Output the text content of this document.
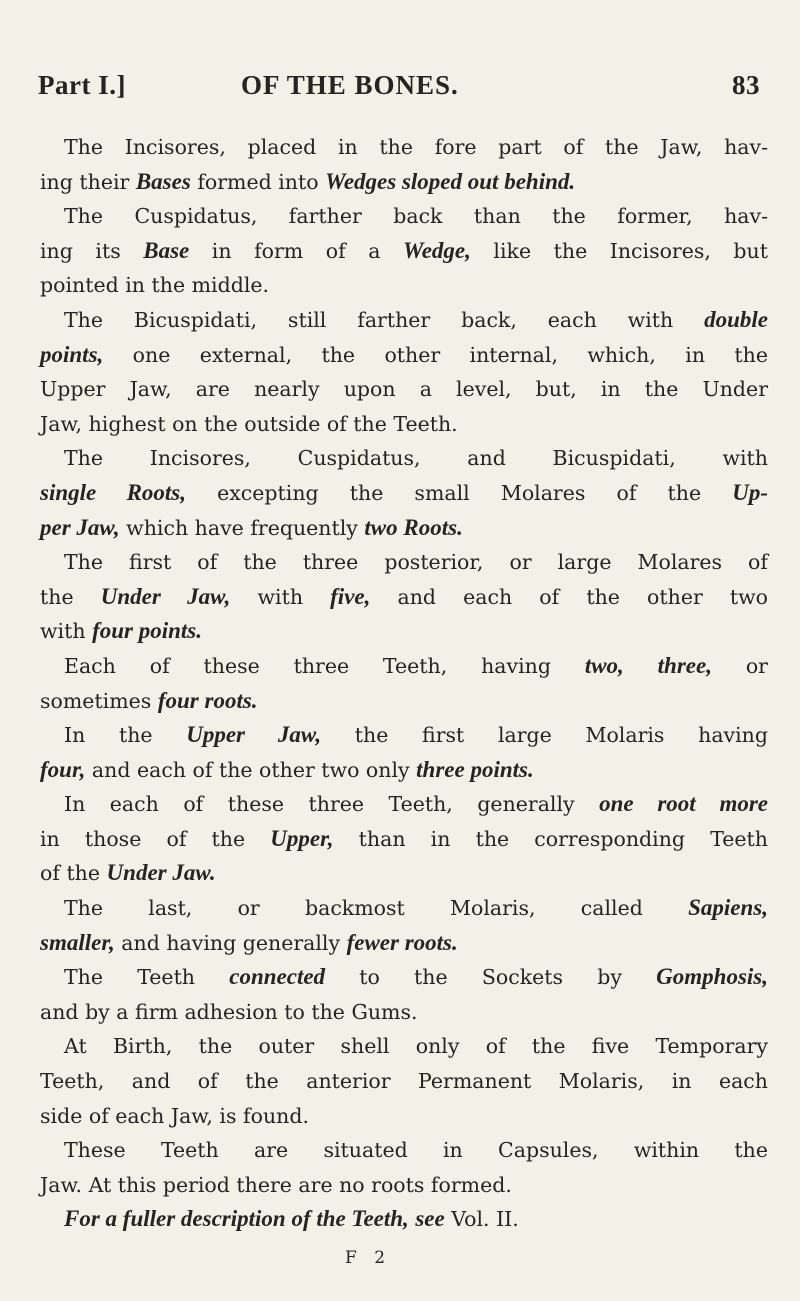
Part I.]	OF THE BONES.	83
The Incisores, placed in the fore part of the Jaw, hav-
ing their Bases formed into Wedges sloped out behind.
The Cuspidatus, farther back than the former, hav-
ing its Base in form of a Wedge, like the Incisores, but
pointed in the middle.
The Bicuspidati, still farther back, each with double
points, one external, the other internal, which, in the
Upper Jaw, are nearly upon a level, but, in the Under
Jaw, highest on the outside of the Teeth.
The Incisores, Cuspidatus, and Bicuspidati, with
single Roots, excepting the small Molares of the Up-
per Jaw, which have frequently two Roots.
The first of the three posterior, or large Molares of
the Under Jaw, with five, and each of the other two
with four points.
Each of these three Teeth, having two, three, or
sometimes four roots.
In the Upper Jaw, the first large Molaris having
four, and each of the other two only three points.
In each of these three Teeth, generally one root more
in those of the Upper, than in the corresponding Teeth
of the Under Jaw.
The last, or backmost Molaris, called Sapiens,
smaller, and having generally fewer roots.
The Teeth connected to the Sockets by Gomphosis,
and by a firm adhesion to the Gums.
At Birth, the outer shell only of the five Temporary
Teeth, and of the anterior Permanent Molaris, in each
side of each Jaw, is found.
These Teeth are situated in Capsules, within the
Jaw. At this period there are no roots formed.
For a fuller description of the Teeth, see Vol. II.
F 2
